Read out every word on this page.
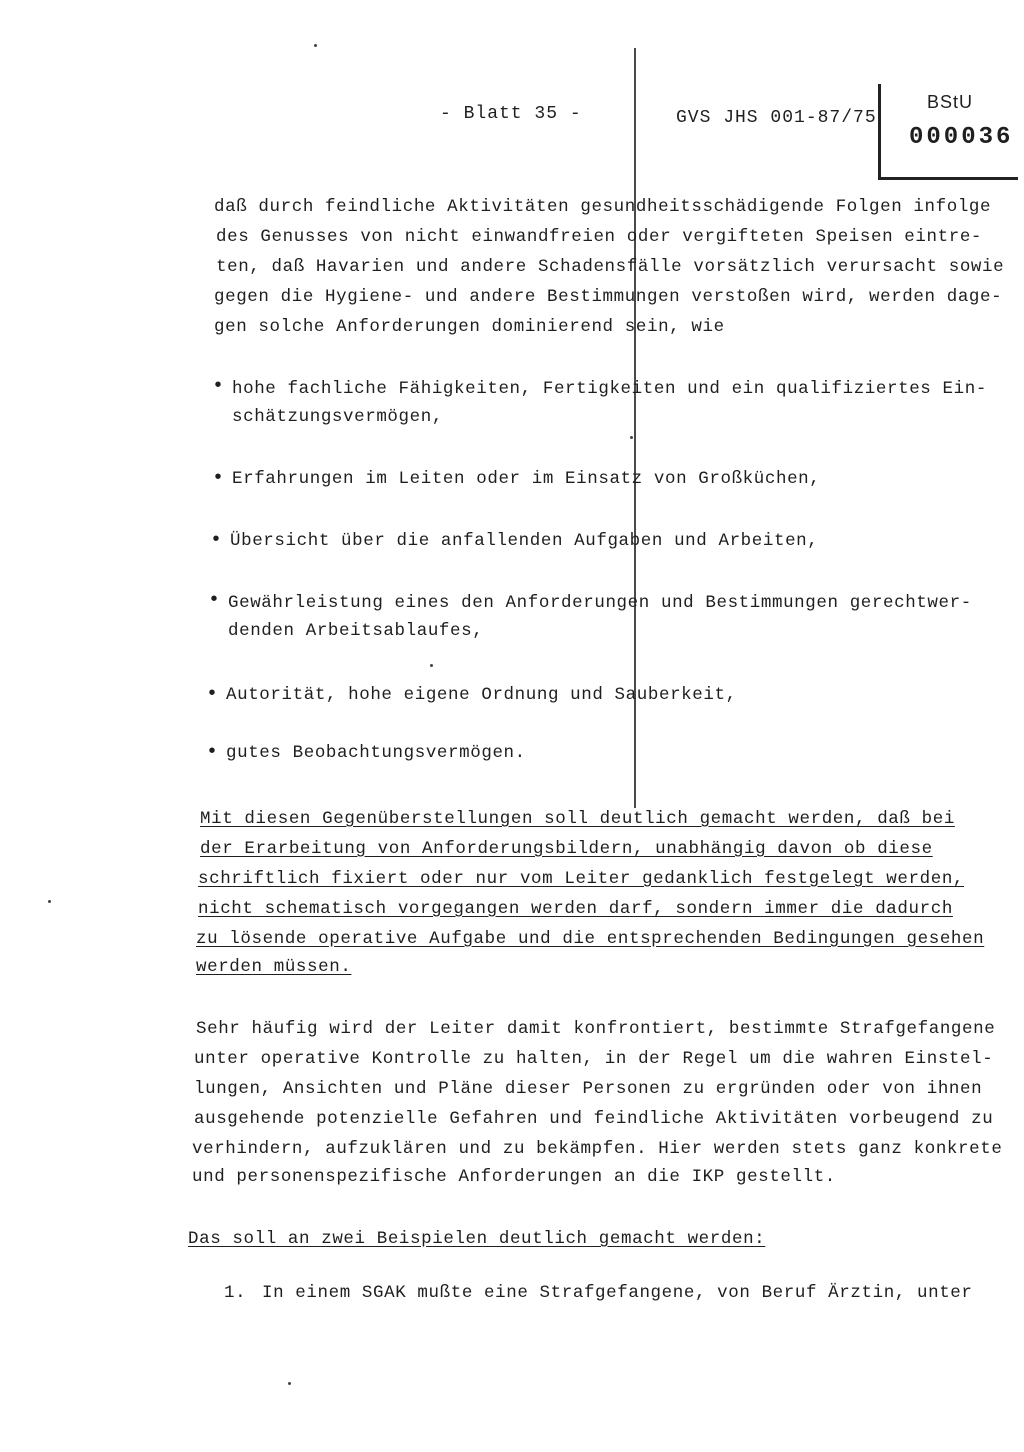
- Blatt 35 -	GVS JHS 001-87/75
BStU
000036
daß durch feindliche Aktivitäten gesundheitsschädigende Folgen infolge
des Genusses von nicht einwandfreien oder vergifteten Speisen eintre-
ten, daß Havarien und andere Schadensfälle vorsätzlich verursacht sowie
gegen die Hygiene- und andere Bestimmungen verstoßen wird, werden dage-
gen solche Anforderungen dominierend sein, wie
• hohe fachliche Fähigkeiten, Fertigkeiten und ein qualifiziertes Ein-
schätzungsvermögen,
• Erfahrungen im Leiten oder im Einsatz von Großküchen,
• Übersicht über die anfallenden Aufgaben und Arbeiten,
• Gewährleistung eines den Anforderungen und Bestimmungen gerechtwer-
denden Arbeitsablaufes,
• Autorität, hohe eigene Ordnung und Sauberkeit,
• gutes Beobachtungsvermögen.
Mit diesen Gegenüberstellungen soll deutlich gemacht werden, daß bei
der Erarbeitung von Anforderungsbildern, unabhängig davon ob diese
schriftlich fixiert oder nur vom Leiter gedanklich festgelegt werden,
nicht schematisch vorgegangen werden darf, sondern immer die dadurch
zu lösende operative Aufgabe und die entsprechenden Bedingungen gesehen
werden müssen.
Sehr häufig wird der Leiter damit konfrontiert, bestimmte Strafgefangene
unter operative Kontrolle zu halten, in der Regel um die wahren Einstel-
lungen, Ansichten und Pläne dieser Personen zu ergründen oder von ihnen
ausgehende potenzielle Gefahren und feindliche Aktivitäten vorbeugend zu
verhindern, aufzuklären und zu bekämpfen. Hier werden stets ganz konkrete
und personenspezifische Anforderungen an die IKP gestellt.
Das soll an zwei Beispielen deutlich gemacht werden:
1. In einem SGAK mußte eine Strafgefangene, von Beruf Ärztin, unter
